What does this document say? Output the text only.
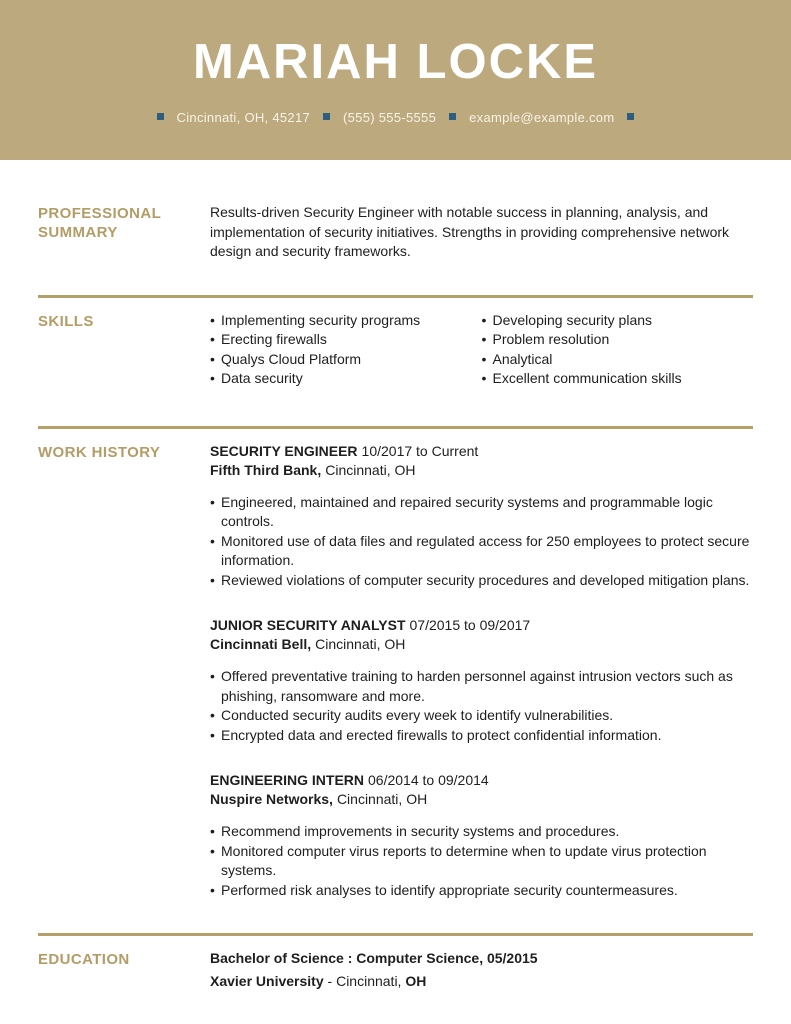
MARIAH LOCKE
Cincinnati, OH, 45217	(555) 555-5555	example@example.com
PROFESSIONAL SUMMARY

Results-driven Security Engineer with notable success in planning, analysis, and implementation of security initiatives. Strengths in providing comprehensive network design and security frameworks.

SKILLS	• Implementing security programs
• Erecting firewalls
• Qualys Cloud Platform
• Data security
• Developing security plans
• Problem resolution
• Analytical
• Excellent communication skills
WORK HISTORY	SECURITY ENGINEER 10/2017 to Current

Fifth Third Bank, Cincinnati, OH

• Engineered, maintained and repaired security systems and programmable logic controls.
• Monitored use of data files and regulated access for 250 employees to protect secure information.
• Reviewed violations of computer security procedures and developed mitigation plans.

JUNIOR SECURITY ANALYST 07/2015 to 09/2017

Cincinnati Bell, Cincinnati, OH

• Offered preventative training to harden personnel against intrusion vectors such as phishing, ransomware and more.
• Conducted security audits every week to identify vulnerabilities.
• Encrypted data and erected firewalls to protect confidential information.

ENGINEERING INTERN 06/2014 to 09/2014

Nuspire Networks, Cincinnati, OH

• Recommend improvements in security systems and procedures.
• Monitored computer virus reports to determine when to update virus protection systems.
• Performed risk analyses to identify appropriate security countermeasures.
EDUCATION	Bachelor of Science : Computer Science, 05/2015

Xavier University - Cincinnati, OH
